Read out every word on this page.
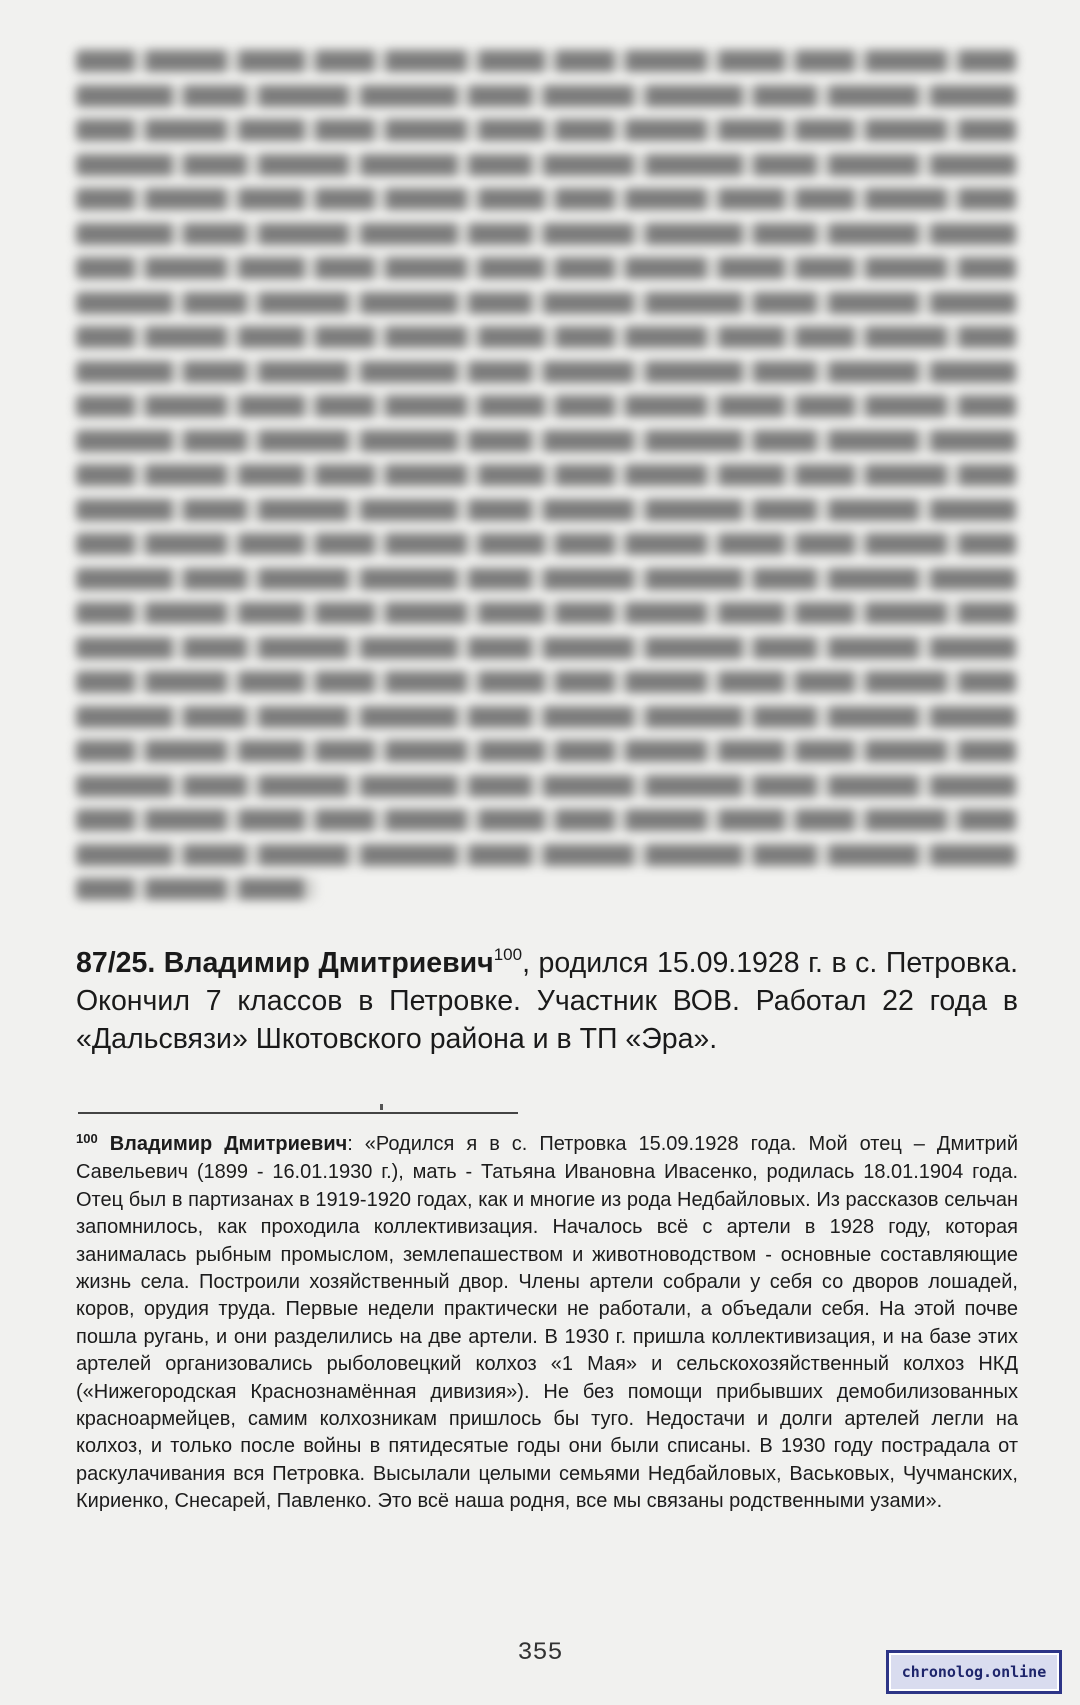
87/25. Владимир Дмитриевич$^{100}$, родился 15.09.1928 г. в с. Петровка. Окончил 7 классов в Петровке. Участник ВОВ. Работал 22 года в «Дальсвязи» Шкотовского района и в ТП «Эра».
$^{100}$ Владимир Дмитриевич: «Родился я в с. Петровка 15.09.1928 года. Мой отец – Дмитрий Савельевич (1899 - 16.01.1930 г.), мать - Татьяна Ивановна Ивасенко, родилась 18.01.1904 года. Отец был в партизанах в 1919-1920 годах, как и многие из рода Недбайловых. Из рассказов сельчан запомнилось, как проходила коллективизация. Началось всё с артели в 1928 году, которая занималась рыбным промыслом, землепашеством и животноводством - основные составляющие жизнь села. Построили хозяйственный двор. Члены артели собрали у себя со дворов лошадей, коров, орудия труда. Первые недели практически не работали, а объедали себя. На этой почве пошла ругань, и они разделились на две артели. В 1930 г. пришла коллективизация, и на базе этих артелей организовались рыболовецкий колхоз «1 Мая» и сельскохозяйственный колхоз НКД («Нижегородская Краснознамённая дивизия»). Не без помощи прибывших демобилизованных красноармейцев, самим колхозникам пришлось бы туго. Недостачи и долги артелей легли на колхоз, и только после войны в пятидесятые годы они были списаны. В 1930 году пострадала от раскулачивания вся Петровка. Высылали целыми семьями Недбайловых, Васьковых, Чучманских, Кириенко, Снесарей, Павленко. Это всё наша родня, все мы связаны родственными узами».
355
chronolog.online
